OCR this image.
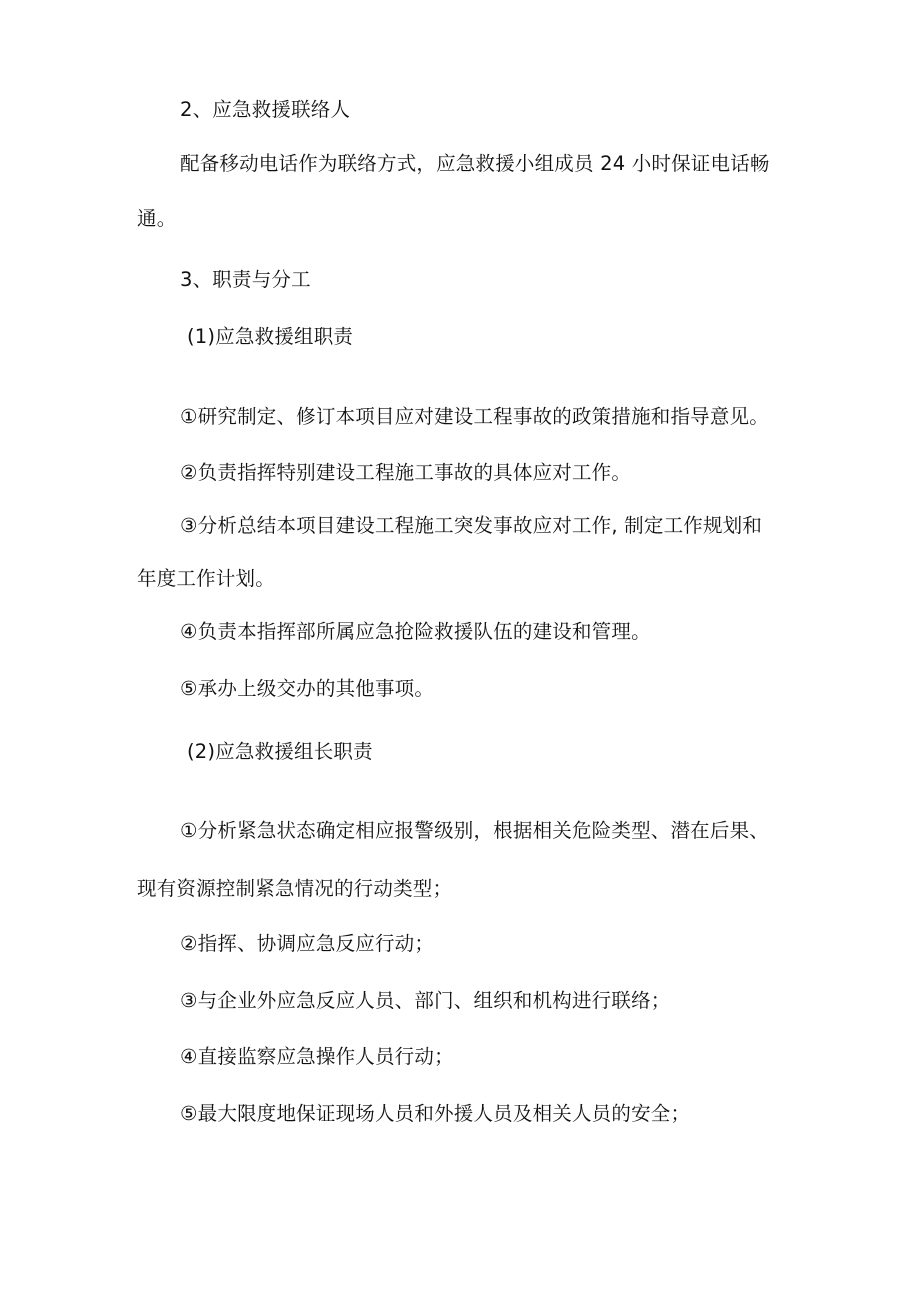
2、应急救援联络人
配备移动电话作为联络方式，应急救援小组成员 24 小时保证电话畅
通。
3、职责与分工
(1)应急救援组职责
①研究制定、修订本项目应对建设工程事故的政策措施和指导意见。
②负责指挥特别建设工程施工事故的具体应对工作。
③分析总结本项目建设工程施工突发事故应对工作, 制定工作规划和
年度工作计划。
④负责本指挥部所属应急抢险救援队伍的建设和管理。
⑤承办上级交办的其他事项。
(2)应急救援组长职责
①分析紧急状态确定相应报警级别，根据相关危险类型、潜在后果、
现有资源控制紧急情况的行动类型；
②指挥、协调应急反应行动；
③与企业外应急反应人员、部门、组织和机构进行联络；
④直接监察应急操作人员行动；
⑤最大限度地保证现场人员和外援人员及相关人员的安全；
